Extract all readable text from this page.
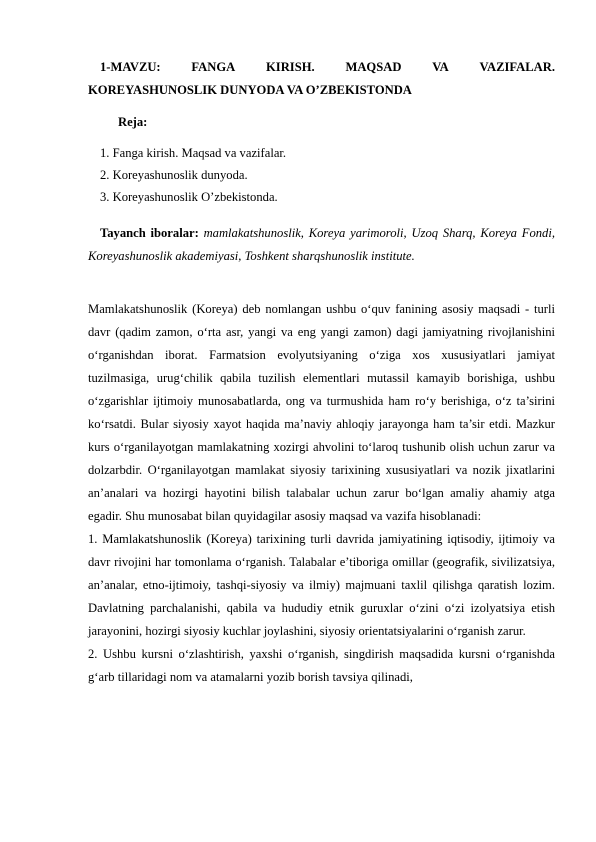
1-MAVZU: FANGA KIRISH. MAQSAD VA VAZIFALAR.
KOREYASHUNOSLIK DUNYODA VA O’ZBEKISTONDA
Reja:
1. Fanga kirish. Maqsad va vazifalar.
2. Koreyashunoslik dunyoda.
3. Koreyashunoslik O’zbekistonda.

Tayanch iboralar: mamlakatshunoslik, Koreya yarimoroli, Uzoq Sharq, Koreya Fondi, Koreyashunoslik akademiyasi, Toshkent sharqshunoslik institute.

Mamlakatshunoslik (Koreya) deb nomlangan ushbu o‘quv fanining asosiy maqsadi - turli davr (qadim zamon, o‘rta asr, yangi va eng yangi zamon) dagi jamiyatning rivojlanishini o‘rganishdan iborat. Farmatsion evolyutsiyaning o‘ziga xos xususiyatlari jamiyat tuzilmasiga, urug‘chilik qabila tuzilish elementlari mutassil kamayib borishiga, ushbu o‘zgarishlar ijtimoiy munosabatlarda, ong va turmushida ham ro‘y berishiga, o‘z ta’sirini ko‘rsatdi. Bular siyosiy xayot haqida ma’naviy ahloqiy jarayonga ham ta’sir etdi. Mazkur kurs o‘rganilayotgan mamlakatning xozirgi ahvolini to‘laroq tushunib olish uchun zarur va dolzarbdir. O‘rganilayotgan mamlakat siyosiy tarixining xususiyatlari va nozik jixatlarini an’analari va hozirgi hayotini bilish talabalar uchun zarur bo‘lgan amaliy ahamiy atga egadir. Shu munosabat bilan quyidagilar asosiy maqsad va vazifa hisoblanadi:

1. Mamlakatshunoslik (Koreya) tarixining turli davrida jamiyatining iqtisodiy, ijtimoiy va davr rivojini har tomonlama o‘rganish. Talabalar e’tiboriga omillar (geografik, sivilizatsiya, an’analar, etno-ijtimoiy, tashqi-siyosiy va ilmiy) majmuani taxlil qilishga qaratish lozim. Davlatning parchalanishi, qabila va hududiy etnik guruxlar o‘zini o‘zi izolyatsiya etish jarayonini, hozirgi siyosiy kuchlar joylashini, siyosiy orientatsiyalarini o‘rganish zarur.

2. Ushbu kursni o‘zlashtirish, yaxshi o‘rganish, singdirish maqsadida kursni o‘rganishda g‘arb tillaridagi nom va atamalarni yozib borish tavsiya qilinadi,
